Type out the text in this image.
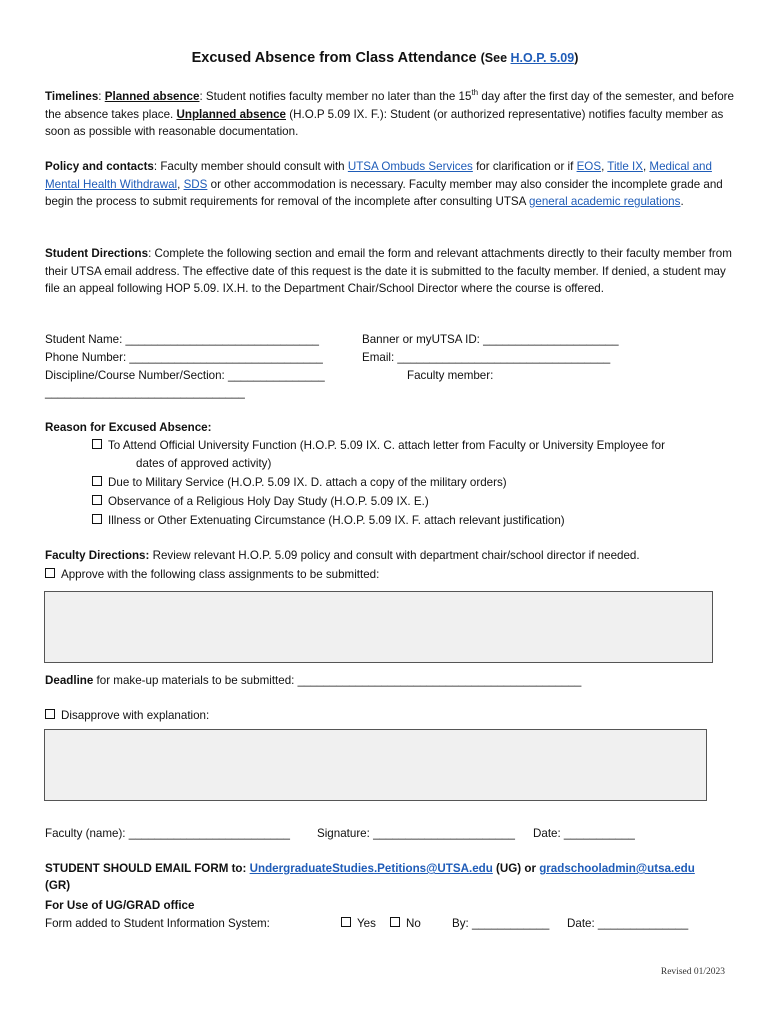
Excused Absence from Class Attendance (See H.O.P. 5.09)

Timelines: Planned absence: Student notifies faculty member no later than the 15th day after the first day of the semester, and before the absence takes place. Unplanned absence (H.O.P 5.09 IX. F.): Student (or authorized representative) notifies faculty member as soon as possible with reasonable documentation.

Policy and contacts: Faculty member should consult with UTSA Ombuds Services for clarification or if EOS, Title IX, Medical and Mental Health Withdrawal, SDS or other accommodation is necessary. Faculty member may also consider the incomplete grade and begin the process to submit requirements for removal of the incomplete after consulting UTSA general academic regulations.

Student Directions: Complete the following section and email the form and relevant attachments directly to their faculty member from their UTSA email address. The effective date of this request is the date it is submitted to the faculty member. If denied, a student may file an appeal following HOP 5.09. IX.H. to the Department Chair/School Director where the course is offered.

Student Name: ______________________________	Banner or myUTSA ID: _____________________
Phone Number: ______________________________	Email: _________________________________
Discipline/Course Number/Section: _______________	Faculty member:
_______________________________
Reason for Excused Absence:
To Attend Official University Function (H.O.P. 5.09 IX. C. attach letter from Faculty or University Employee for
dates of approved activity)
Due to Military Service (H.O.P. 5.09 IX. D. attach a copy of the military orders)
Observance of a Religious Holy Day Study (H.O.P. 5.09 IX. E.)
Illness or Other Extenuating Circumstance (H.O.P. 5.09 IX. F. attach relevant justification)
Faculty Directions: Review relevant H.O.P. 5.09 policy and consult with department chair/school director if needed.
Approve with the following class assignments to be submitted:
Deadline for make-up materials to be submitted: ____________________________________________
Disapprove with explanation:
Faculty (name): _________________________ Signature: ______________________ Date: ___________
STUDENT SHOULD EMAIL FORM to: UndergraduateStudies.Petitions@UTSA.edu (UG) or gradschooladmin@utsa.edu
(GR)
For Use of UG/GRAD office
Form added to Student Information System:	Yes	No	By: ____________ Date: ______________
Revised 01/2023
